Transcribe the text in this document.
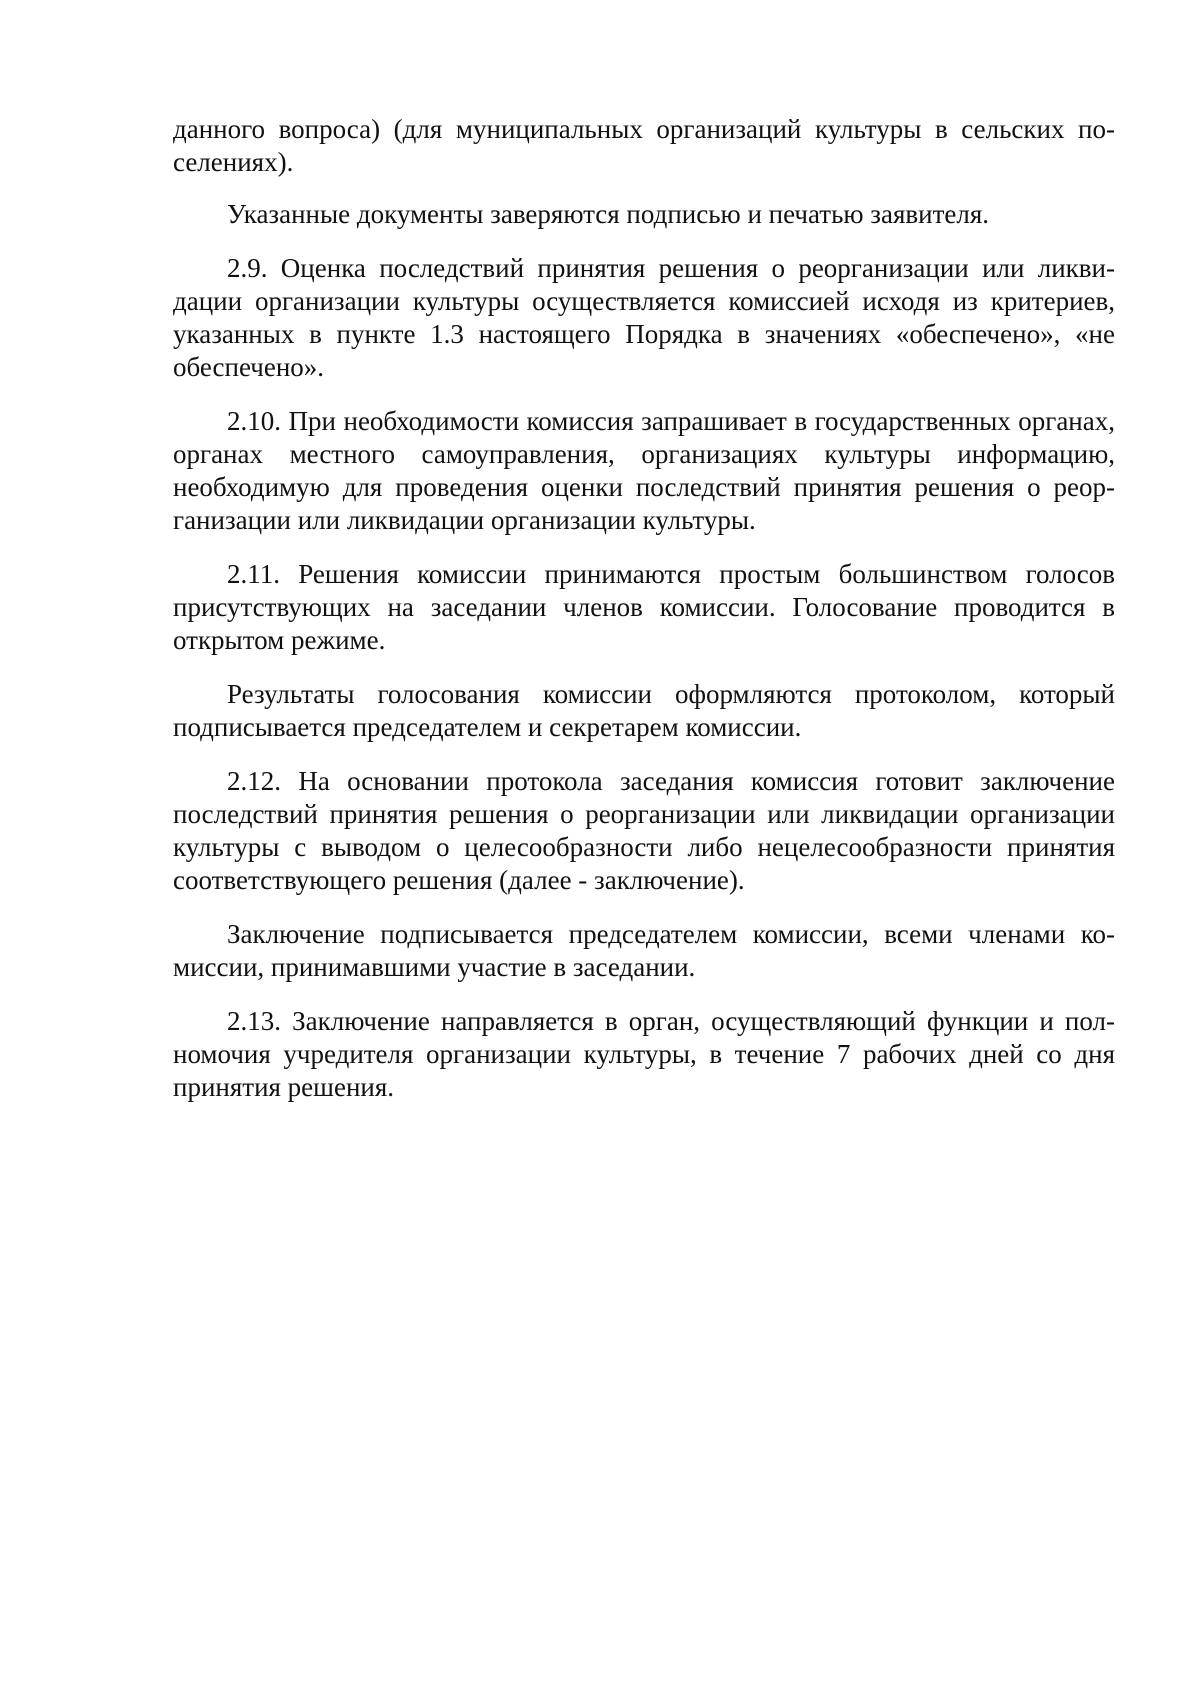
данного вопроса) (для муниципальных организаций культуры в сельских поселениях).

Указанные документы заверяются подписью и печатью заявителя.

2.9. Оценка последствий принятия решения о реорганизации или ликвидации организации культуры осуществляется комиссией исходя из критериев, указанных в пункте 1.3 настоящего Порядка в значениях «обеспечено», «не обеспечено».

2.10. При необходимости комиссия запрашивает в государственных органах, органах местного самоуправления, организациях культуры информацию, необходимую для проведения оценки последствий принятия решения о реорганизации или ликвидации организации культуры.

2.11. Решения комиссии принимаются простым большинством голосов присутствующих на заседании членов комиссии. Голосование проводится в открытом режиме.

Результаты голосования комиссии оформляются протоколом, который подписывается председателем и секретарем комиссии.

2.12. На основании протокола заседания комиссия готовит заключение последствий принятия решения о реорганизации или ликвидации организации культуры с выводом о целесообразности либо нецелесообразности принятия соответствующего решения (далее - заключение).

Заключение подписывается председателем комиссии, всеми членами комиссии, принимавшими участие в заседании.

2.13. Заключение направляется в орган, осуществляющий функции и полномочия учредителя организации культуры, в течение 7 рабочих дней со дня принятия решения.
